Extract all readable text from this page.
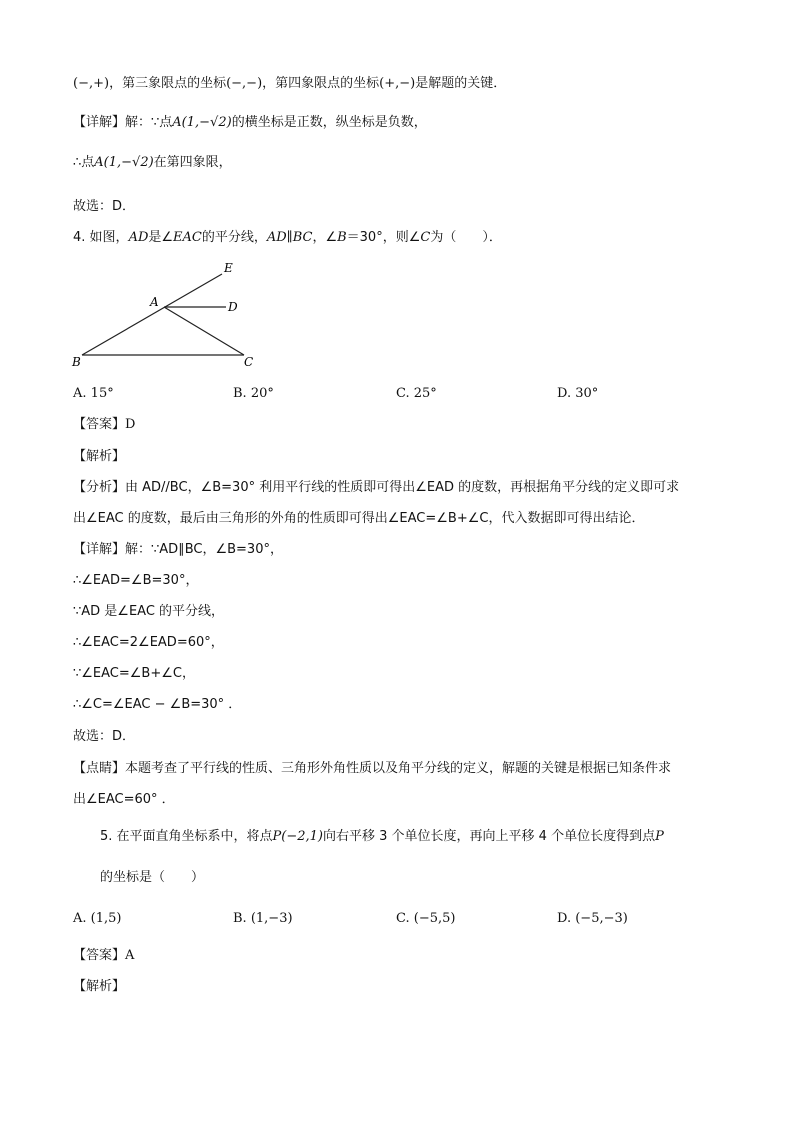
(−,+)，第三象限点的坐标(−,−)，第四象限点的坐标(+,−)是解题的关键．
【详解】解：∵点A(1,−√2)的横坐标是正数，纵坐标是负数，
∴点A(1,−√2)在第四象限，
故选：D．
4. 如图，AD是∠EAC的平分线，AD∥BC，∠B＝30°，则∠C为（　　）．
E
A	D
B	C
A. 15°	B. 20°	C. 25°	D. 30°
【答案】D
【解析】
【分析】由 AD//BC，∠B=30° 利用平行线的性质即可得出∠EAD 的度数，再根据角平分线的定义即可求
出∠EAC 的度数，最后由三角形的外角的性质即可得出∠EAC=∠B+∠C，代入数据即可得出结论．
【详解】解：∵AD∥BC，∠B=30°，
∴∠EAD=∠B=30°，
∵AD 是∠EAC 的平分线，
∴∠EAC=2∠EAD=60°，
∵∠EAC=∠B+∠C，
∴∠C=∠EAC − ∠B=30° ．
故选：D．
【点睛】本题考查了平行线的性质、三角形外角性质以及角平分线的定义，解题的关键是根据已知条件求
出∠EAC=60° ．
5. 在平面直角坐标系中，将点P(−2,1)向右平移 3 个单位长度，再向上平移 4 个单位长度得到点P
的坐标是（　　）
A. (1,5)	B. (1,−3)	C. (−5,5)	D. (−5,−3)
【答案】A
【解析】
